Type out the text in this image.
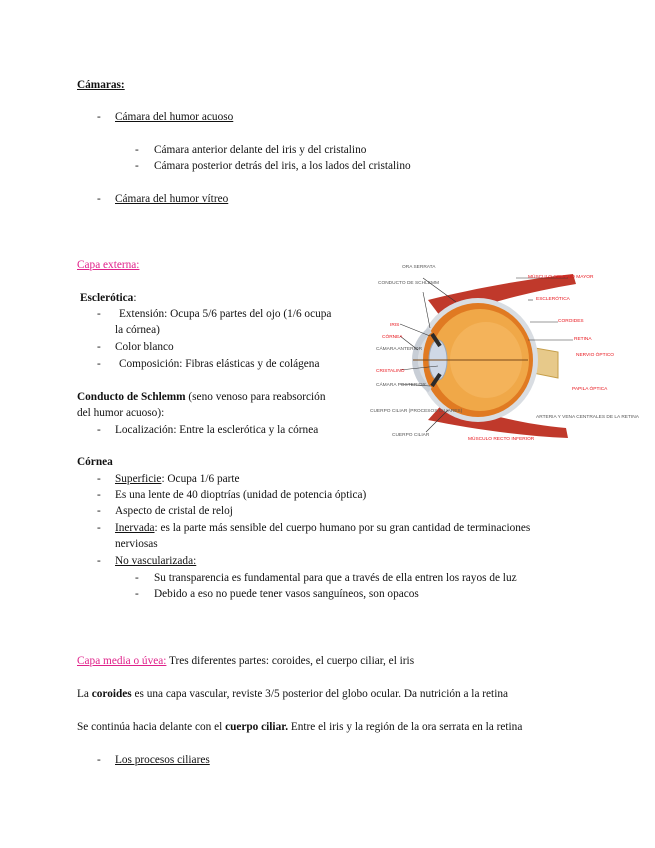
Cámaras:
- Cámara del humor acuoso
- Cámara anterior delante del iris y del cristalino
- Cámara posterior detrás del iris, a los lados del cristalino
- Cámara del humor vítreo
Capa externa:
Esclerótica:
- Extensión: Ocupa 5/6 partes del ojo (1/6 ocupa
la córnea)
- Color blanco
- Composición: Fibras elásticas y de colágena
Conducto de Schlemm (seno venoso para reabsorción
del humor acuoso):
- Localización: Entre la esclerótica y la córnea
Córnea
- Superficie: Ocupa 1/6 parte
- Es una lente de 40 dioptrías (unidad de potencia óptica)
- Aspecto de cristal de reloj
- Inervada: es la parte más sensible del cuerpo humano por su gran cantidad de terminaciones
nerviosas
- No vascularizada:
- Su transparencia es fundamental para que a través de ella entren los rayos de luz
- Debido a eso no puede tener vasos sanguíneos, son opacos
Capa media o úvea: Tres diferentes partes: coroides, el cuerpo ciliar, el iris
La coroides es una capa vascular, reviste 3/5 posterior del globo ocular. Da nutrición a la retina
Se continúa hacia delante con el cuerpo ciliar. Entre el iris y la región de la ora serrata en la retina
- Los procesos ciliares
ORA SERRATA
CONDUCTO DE SCHLEMM
IRIS
CÓRNEA
CÁMARA ANTERIOR
CRISTALINO
CÁMARA POSTERIOR
CUERPO CILIAR (PROCESOS CILIARES)
CUERPO CILIAR
MÚSCULO OBLICUO MAYOR
ESCLERÓTICA
COROIDES
RETINA
NERVIO ÓPTICO
PAPILA ÓPTICA
ARTERIA Y VENA CENTRALES DE LA RETINA
MÚSCULO RECTO INFERIOR
